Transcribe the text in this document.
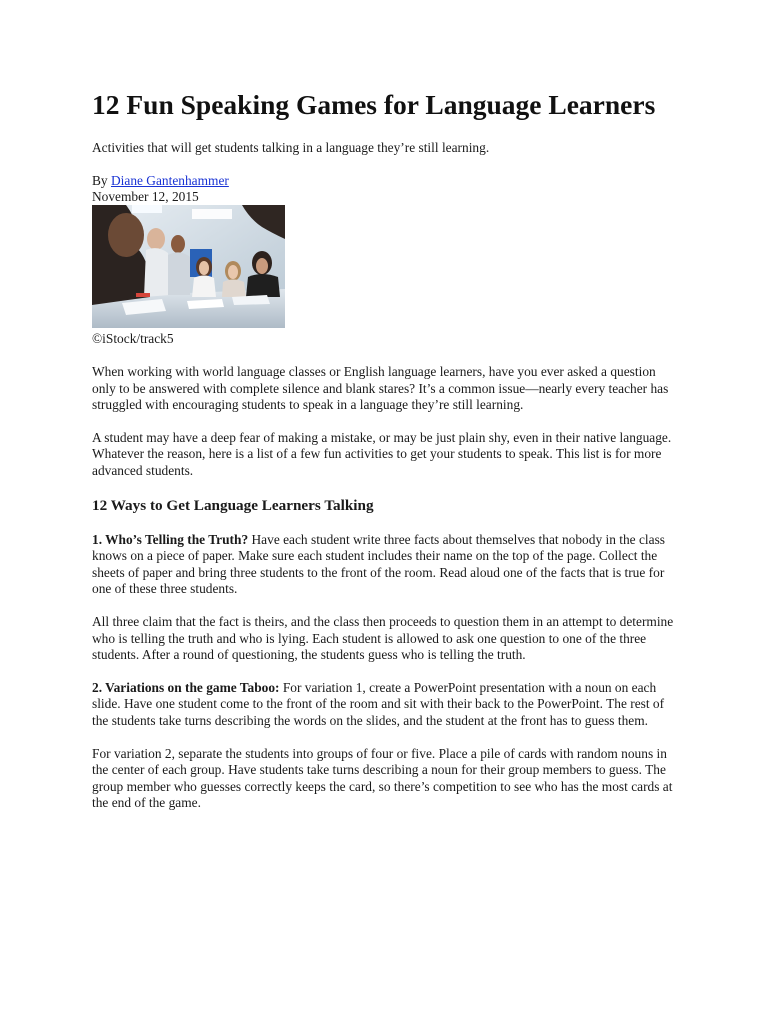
12 Fun Speaking Games for Language Learners

Activities that will get students talking in a language they’re still learning.

By Diane Gantenhammer
November 12, 2015
©iStock/track5

When working with world language classes or English language learners, have you ever asked a question only to be answered with complete silence and blank stares? It’s a common issue—nearly every teacher has struggled with encouraging students to speak in a language they’re still learning.

A student may have a deep fear of making a mistake, or may be just plain shy, even in their native language. Whatever the reason, here is a list of a few fun activities to get your students to speak. This list is for more advanced students.

12 Ways to Get Language Learners Talking

1. Who’s Telling the Truth? Have each student write three facts about themselves that nobody in the class knows on a piece of paper. Make sure each student includes their name on the top of the page. Collect the sheets of paper and bring three students to the front of the room. Read aloud one of the facts that is true for one of these three students.

All three claim that the fact is theirs, and the class then proceeds to question them in an attempt to determine who is telling the truth and who is lying. Each student is allowed to ask one question to one of the three students. After a round of questioning, the students guess who is telling the truth.

2. Variations on the game Taboo: For variation 1, create a PowerPoint presentation with a noun on each slide. Have one student come to the front of the room and sit with their back to the PowerPoint. The rest of the students take turns describing the words on the slides, and the student at the front has to guess them.

For variation 2, separate the students into groups of four or five. Place a pile of cards with random nouns in the center of each group. Have students take turns describing a noun for their group members to guess. The group member who guesses correctly keeps the card, so there’s competition to see who has the most cards at the end of the game.
